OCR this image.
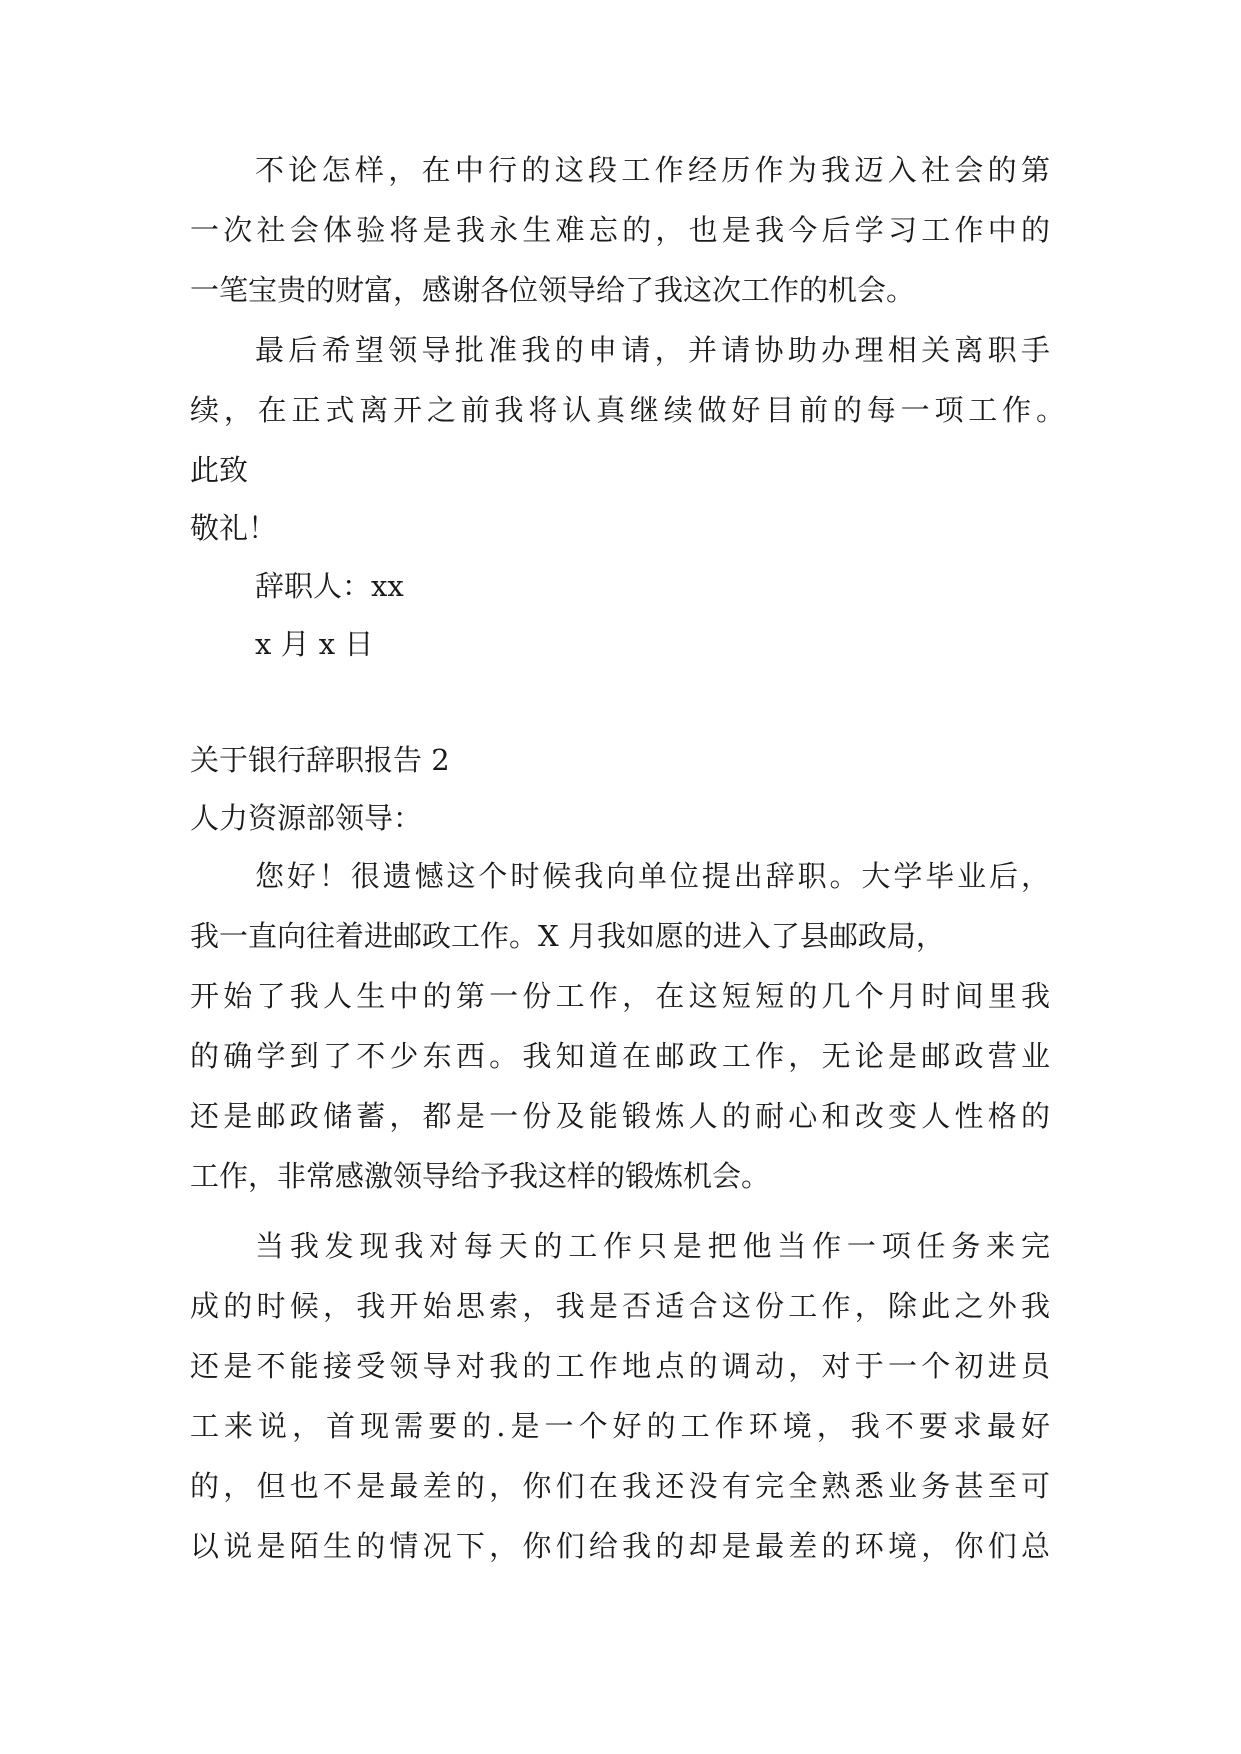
不论怎样，在中行的这段工作经历作为我迈入社会的第
一次社会体验将是我永生难忘的，也是我今后学习工作中的
一笔宝贵的财富，感谢各位领导给了我这次工作的机会。
最后希望领导批准我的申请，并请协助办理相关离职手
续，在正式离开之前我将认真继续做好目前的每一项工作。
此致
敬礼！
辞职人：xx
x 月 x 日
关于银行辞职报告 2
人力资源部领导：
您好！很遗憾这个时候我向单位提出辞职。大学毕业后，
我一直向往着进邮政工作。X 月我如愿的进入了县邮政局，
开始了我人生中的第一份工作，在这短短的几个月时间里我
的确学到了不少东西。我知道在邮政工作，无论是邮政营业
还是邮政储蓄，都是一份及能锻炼人的耐心和改变人性格的
工作，非常感激领导给予我这样的锻炼机会。
当我发现我对每天的工作只是把他当作一项任务来完
成的时候，我开始思索，我是否适合这份工作，除此之外我
还是不能接受领导对我的工作地点的调动，对于一个初进员
工来说，首现需要的.是一个好的工作环境，我不要求最好
的，但也不是最差的，你们在我还没有完全熟悉业务甚至可
以说是陌生的情况下，你们给我的却是最差的环境，你们总
